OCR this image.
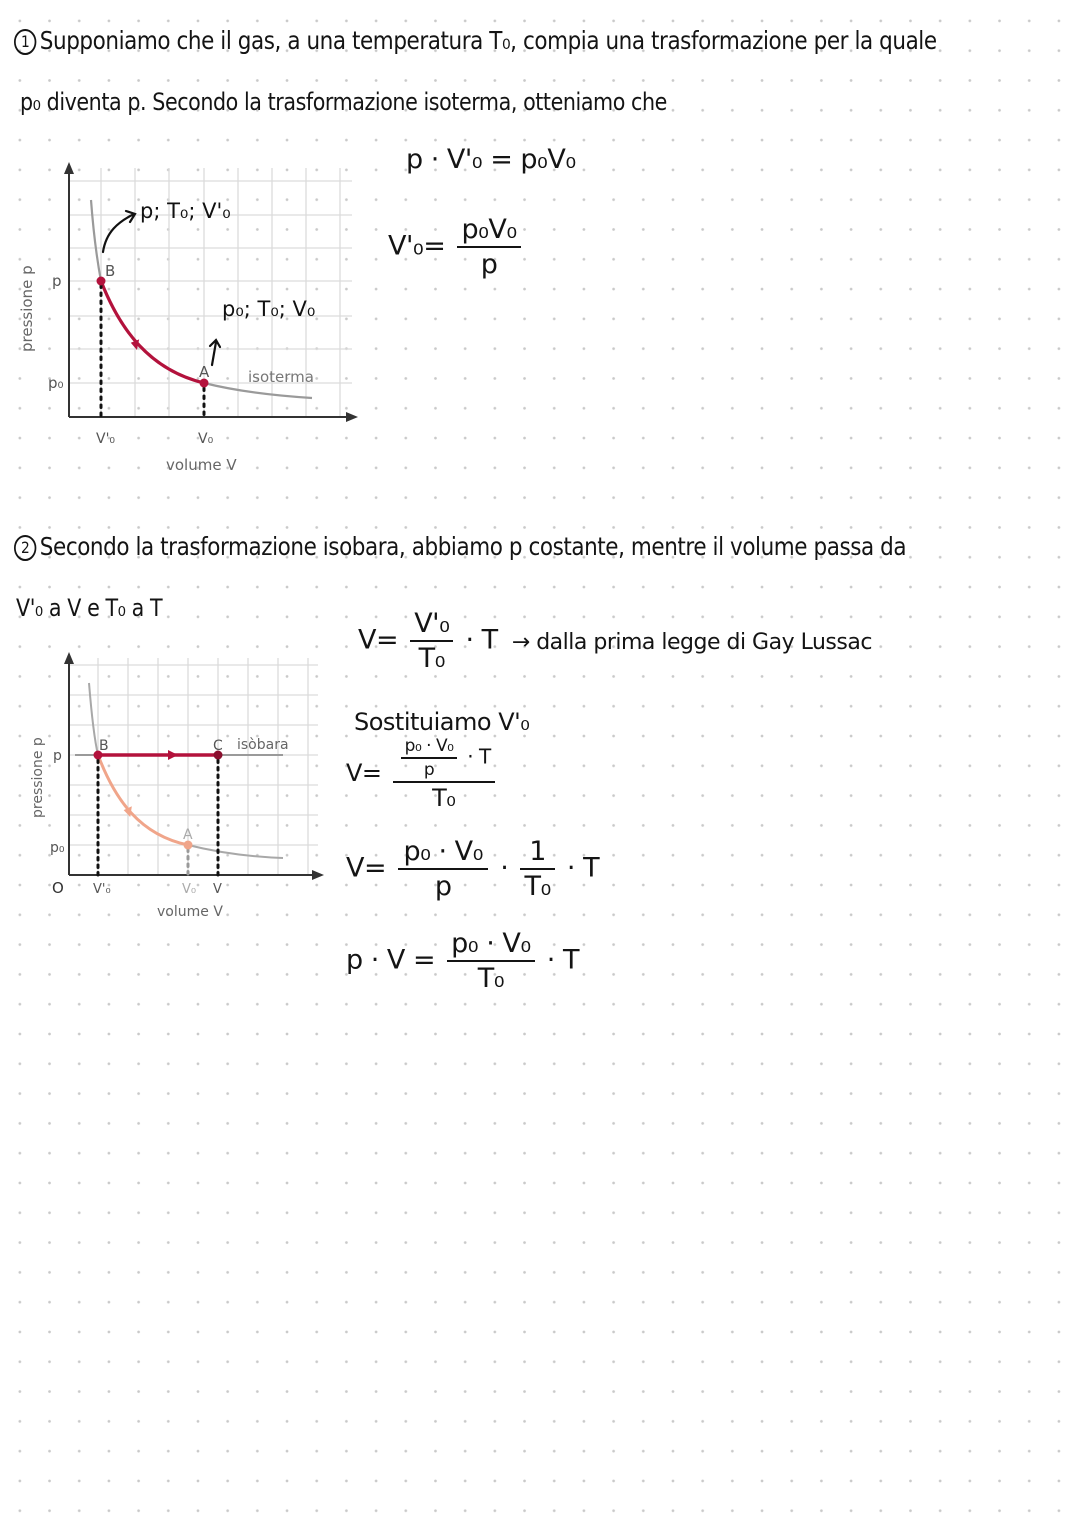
1 Supponiamo che il gas, a una temperatura T₀, compia una trasformazione per la quale
p₀ diventa p. Secondo la trasformazione isoterma, otteniamo che
p · V'₀ = p₀V₀
$V'_0= \frac{\text{p₀V₀}}{p}$
B
A	isoterma
p
p₀
V'₀	V₀
volume V
pressione p
p; T₀; V'₀
p₀; T₀; V₀
2 Secondo la trasformazione isobara, abbiamo p costante, mentre il volume passa da
V'₀ a V e T₀ a T
$V= \frac{\text{V'₀}}{\text{T₀}} \cdot T$ → dalla prima legge di Gay Lussac
Sostituiamo V'₀
$V= \frac{\frac{\text{p₀ · V₀}}{p} \cdot T}{\text{T₀}}$
$V= \frac{\text{p₀ · V₀}}{p} \cdot \frac{1}{\text{T₀}} \cdot T$
$p \cdot V = \frac{\text{p₀ · V₀}}{\text{T₀}} \cdot T$
B	C
A
isòbara
p
p₀
O V'₀	V₀ V
volume V
pressione p
